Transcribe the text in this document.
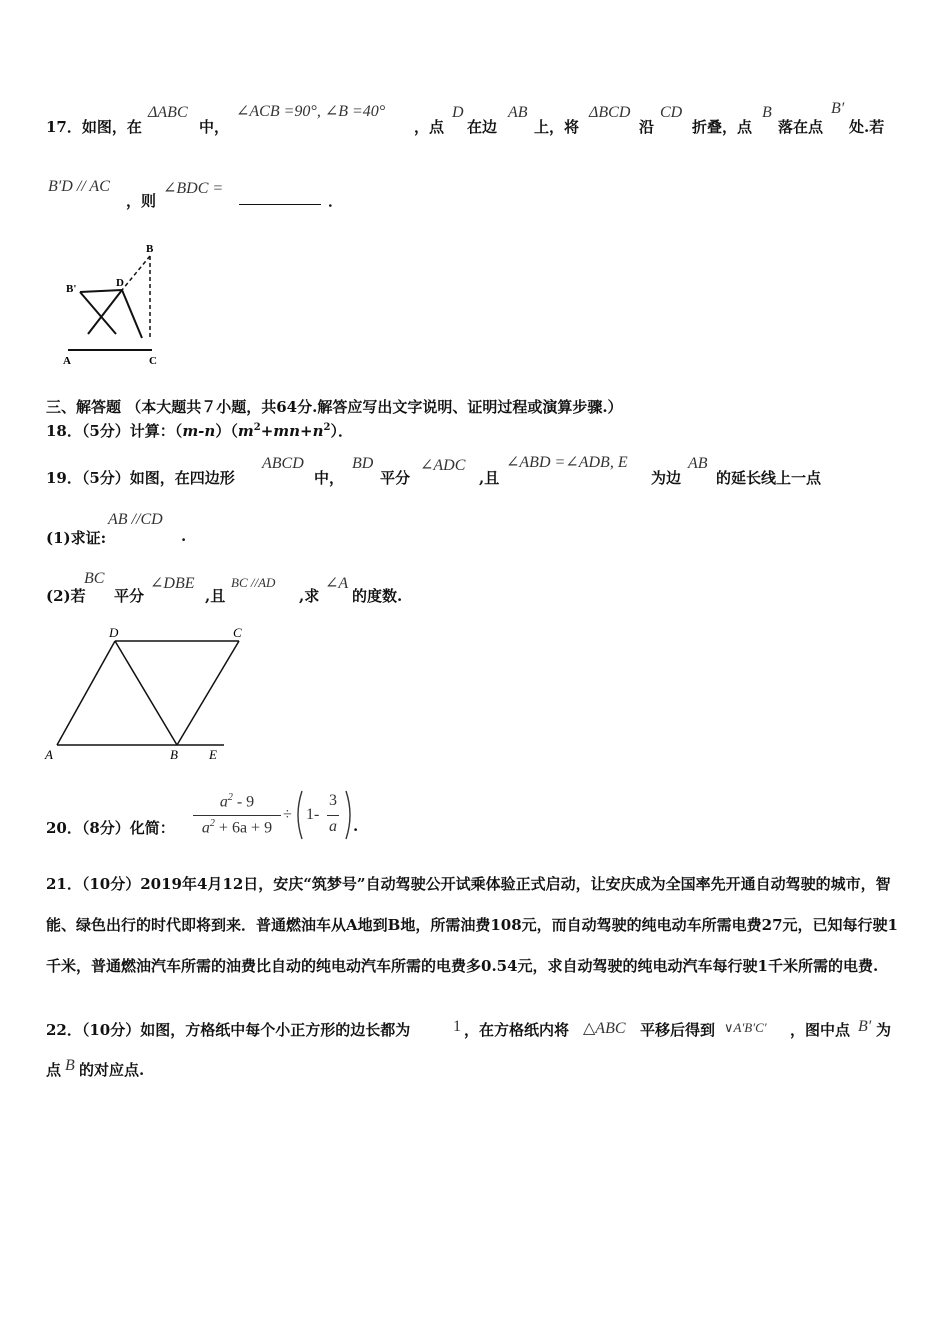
17．如图，在
ΔABC
中，
∠ACB =90°, ∠B =40°
，点
D
在边
AB
上，将
ΔBCD
沿
CD
折叠，点
B
落在点
B′
处.若
B′D // AC
，则
∠BDC =
．
B
B'	D
A	C
三、解答题 （本大题共７小题，共64分.解答应写出文字说明、证明过程或演算步骤.）
18．（5分）计算：$(m-n)(m^2+mn+n^2)$．
19．（5分）如图，在四边形
ABCD
中，
BD
平分
∠ADC
,且
∠ABD =∠ADB, E
为边
AB
的延长线上一点
(1)求证:
AB //CD
.
(2)若
BC
平分
∠DBE
,且
BC //AD
,求
∠A
的度数.
D	C
A	B E
20．（8分）化简：
$a^2 - 9$
$a^2 + 6a + 9$
÷ 1-
3
a .
21．（10分）2019年4月12日，安庆“筑梦号”自动驾驶公开试乘体验正式启动，让安庆成为全国率先开通自动驾驶的城市，智能、绿色出行的时代即将到来．普通燃油车从A地到B地，所需油费108元，而自动驾驶的纯电动车所需电费27元，已知每行驶1千米，普通燃油汽车所需的油费比自动的纯电动汽车所需的电费多0.54元，求自动驾驶的纯电动汽车每行驶1千米所需的电费.
22．（10分）如图，方格纸中每个小正方形的边长都为	1 ，在方格纸内将 △ABC 平移后得到 ∨A′B′C′ ，图中点 B′ 为
点 B 的对应点.
